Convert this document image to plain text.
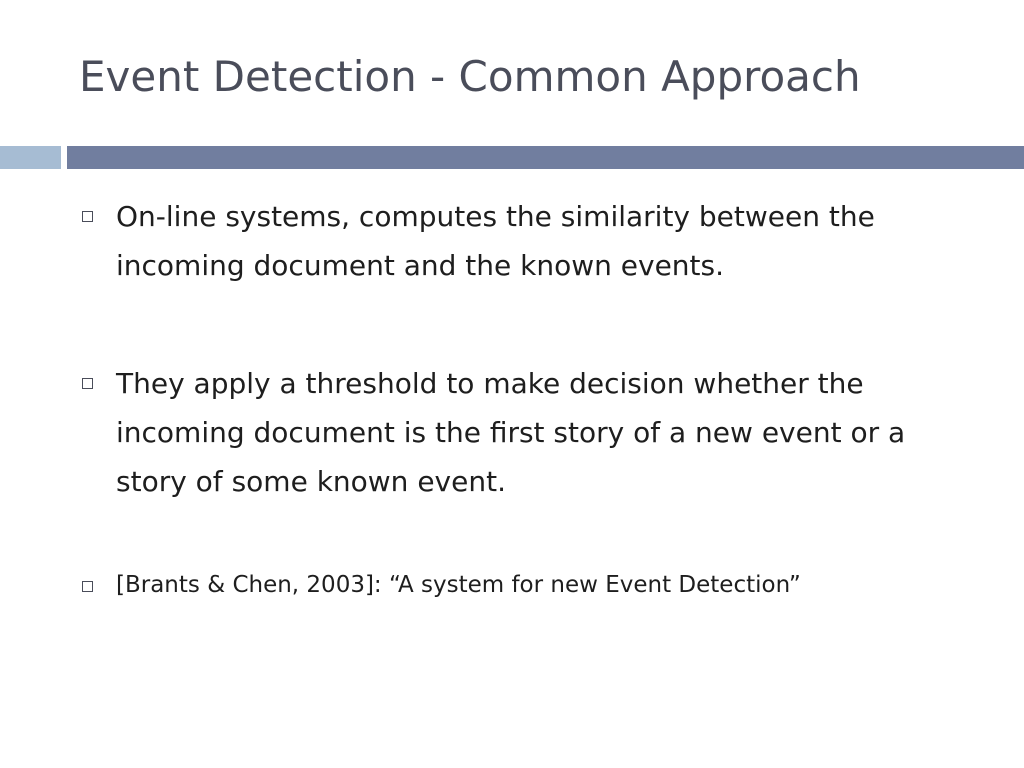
Event Detection - Common Approach
On-line systems, computes the similarity between the incoming document and the known events.
They apply a threshold to make decision whether the incoming document is the first story of a new event or a story of some known event.
[Brants & Chen, 2003]: “A system for new Event Detection”
